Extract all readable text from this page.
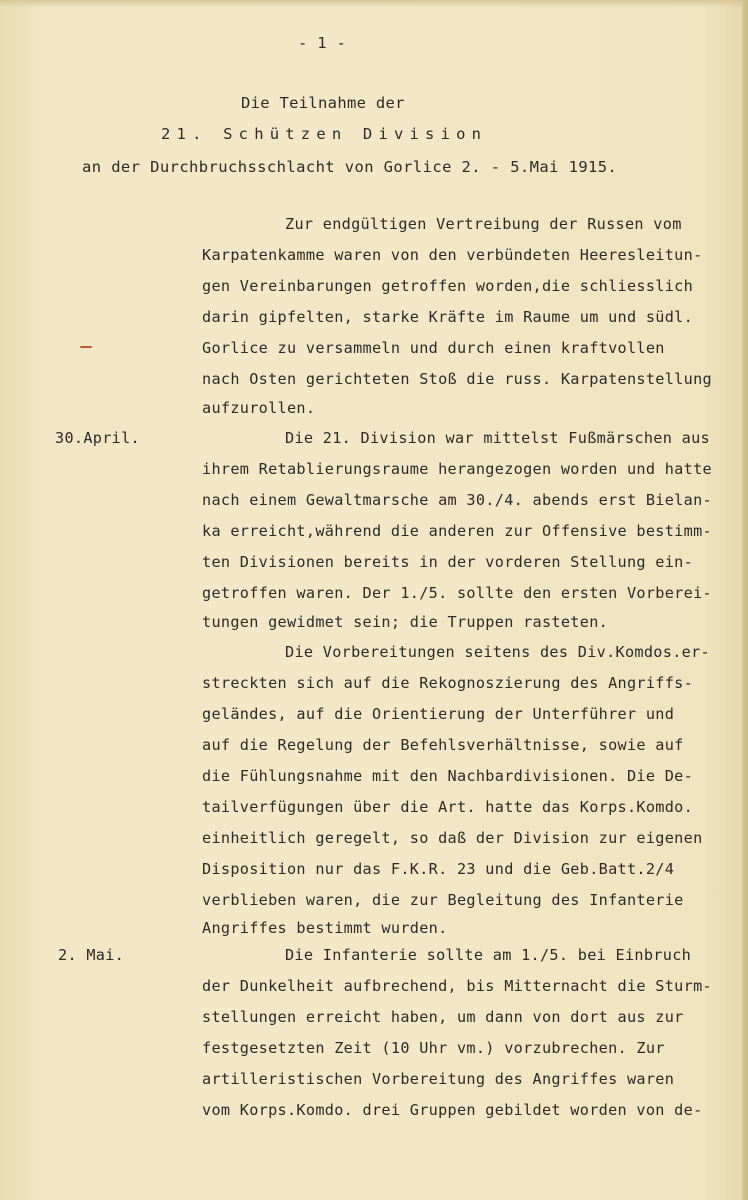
- 1 -
Die Teilnahme der
21. Schützen Division
an der Durchbruchsschlacht von Gorlice 2. - 5.Mai 1915.
30.April.
2. Mai.
Zur endgültigen Vertreibung der Russen vom
Karpatenkamme waren von den verbündeten Heeresleitun-
gen Vereinbarungen getroffen worden,die schliesslich
darin gipfelten, starke Kräfte im Raume um und südl.
Gorlice zu versammeln und durch einen kraftvollen
nach Osten gerichteten Stoß die russ. Karpatenstellung
aufzurollen.
Die 21. Division war mittelst Fußmärschen aus
ihrem Retablierungsraume herangezogen worden und hatte
nach einem Gewaltmarsche am 30./4. abends erst Bielan-
ka erreicht,während die anderen zur Offensive bestimm-
ten Divisionen bereits in der vorderen Stellung ein-
getroffen waren. Der 1./5. sollte den ersten Vorberei-
tungen gewidmet sein; die Truppen rasteten.
Die Vorbereitungen seitens des Div.Komdos.er-
streckten sich auf die Rekognoszierung des Angriffs-
geländes, auf die Orientierung der Unterführer und
auf die Regelung der Befehlsverhältnisse, sowie auf
die Fühlungsnahme mit den Nachbardivisionen. Die De-
tailverfügungen über die Art. hatte das Korps.Komdo.
einheitlich geregelt, so daß der Division zur eigenen
Disposition nur das F.K.R. 23 und die Geb.Batt.2/4
verblieben waren, die zur Begleitung des Infanterie
Angriffes bestimmt wurden.
Die Infanterie sollte am 1./5. bei Einbruch
der Dunkelheit aufbrechend, bis Mitternacht die Sturm-
stellungen erreicht haben, um dann von dort aus zur
festgesetzten Zeit (10 Uhr vm.) vorzubrechen. Zur
artilleristischen Vorbereitung des Angriffes waren
vom Korps.Komdo. drei Gruppen gebildet worden von de-
